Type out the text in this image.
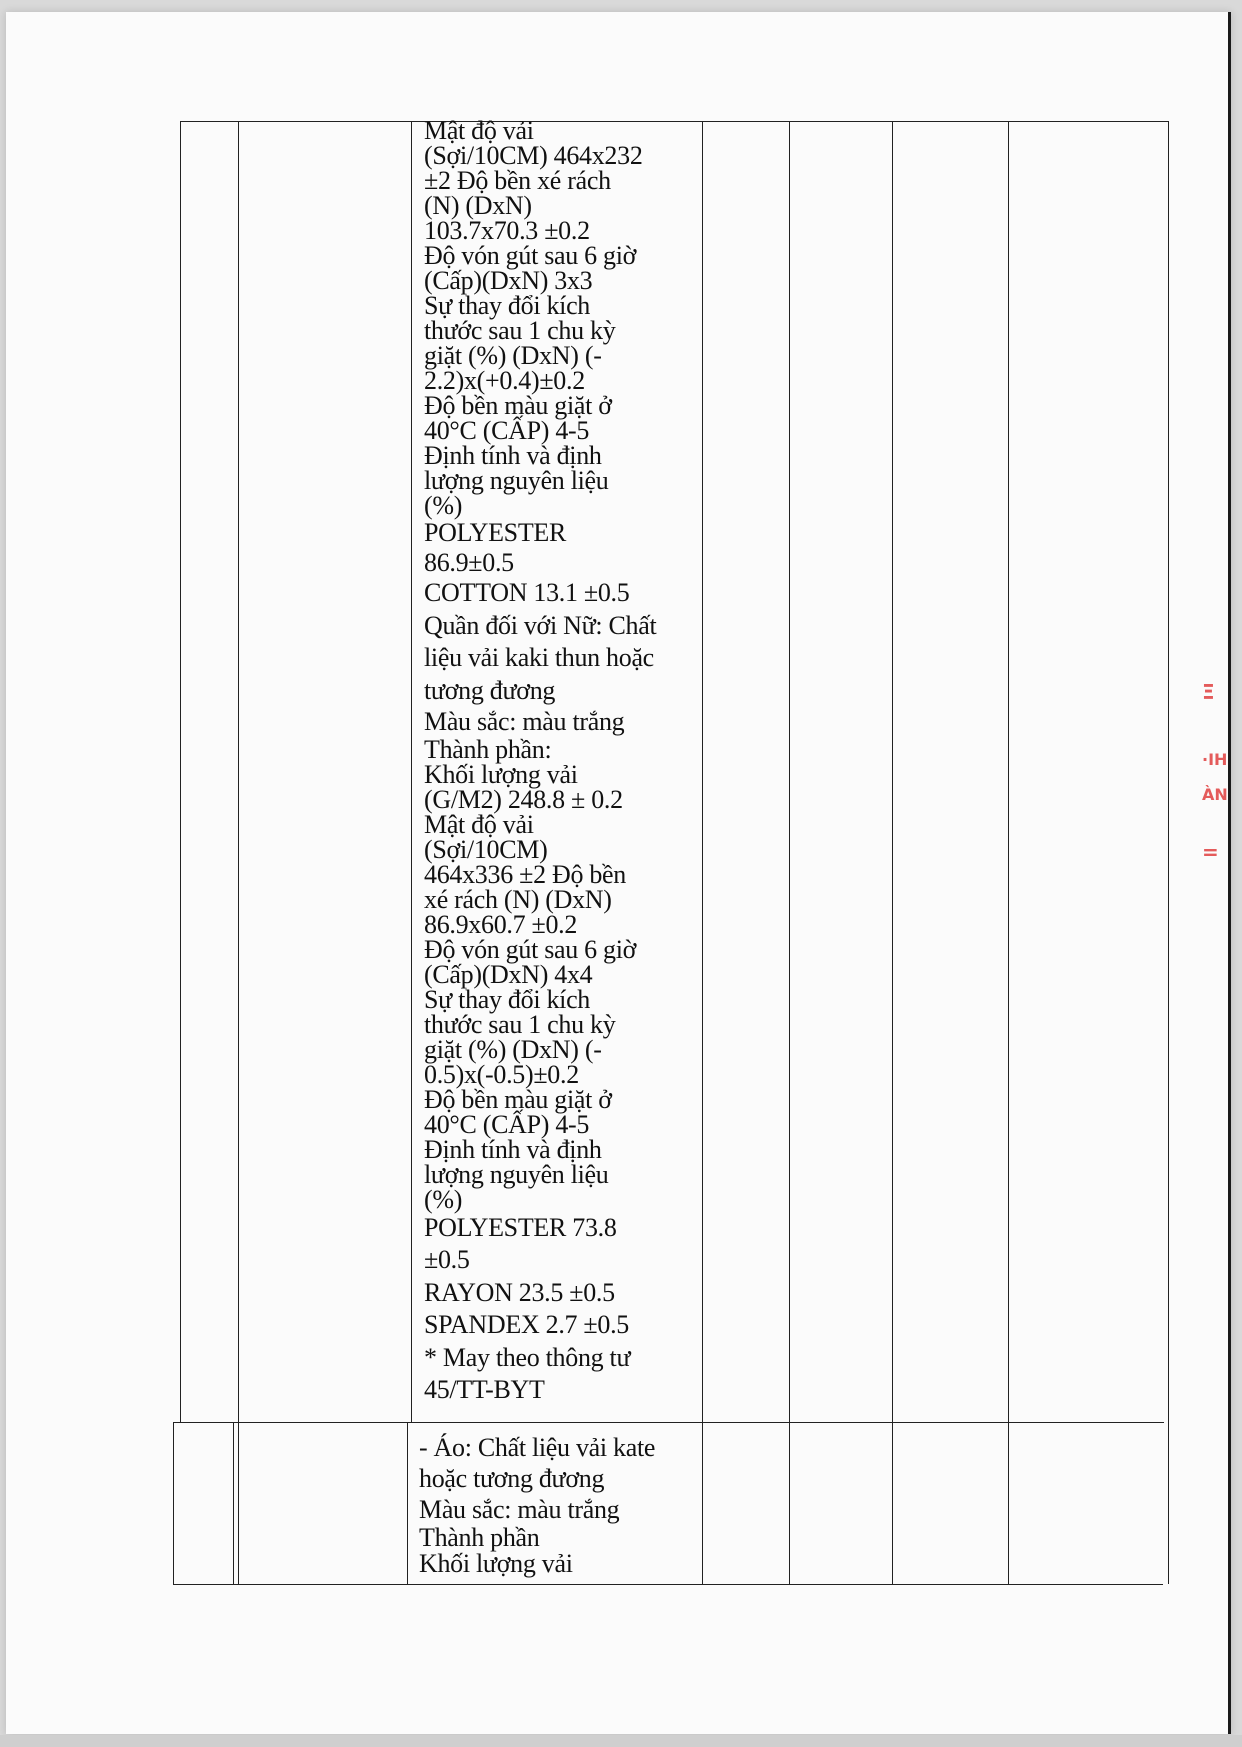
Mật độ vải
(Sợi/10CM) 464x232
±2 Độ bền xé rách
(N) (DxN)
103.7x70.3 ±0.2
Độ vón gút sau 6 giờ
(Cấp)(DxN) 3x3
Sự thay đổi kích
thước sau 1 chu kỳ
giặt (%) (DxN) (-
2.2)x(+0.4)±0.2
Độ bền màu giặt ở
40°C (CẤP) 4-5
Định tính và định
lượng nguyên liệu
(%)
POLYESTER
86.9±0.5
COTTON 13.1 ±0.5
Quần đối với Nữ: Chất
liệu vải kaki thun hoặc
tương đương
Màu sắc: màu trắng
Thành phần:
Khối lượng vải
(G/M2) 248.8 ± 0.2
Mật độ vải
(Sợi/10CM)
464x336 ±2 Độ bền
xé rách (N) (DxN)
86.9x60.7 ±0.2
Độ vón gút sau 6 giờ
(Cấp)(DxN) 4x4
Sự thay đổi kích
thước sau 1 chu kỳ
giặt (%) (DxN) (-
0.5)x(-0.5)±0.2
Độ bền màu giặt ở
40°C (CẤP) 4-5
Định tính và định
lượng nguyên liệu
(%)
POLYESTER 73.8
±0.5
RAYON 23.5 ±0.5
SPANDEX 2.7 ±0.5
* May theo thông tư
45/TT-BYT
- Áo: Chất liệu vải kate
hoặc tương đương
Màu sắc: màu trắng
Thành phần
Khối lượng vải
Ξ
·IH
ÀN
=
